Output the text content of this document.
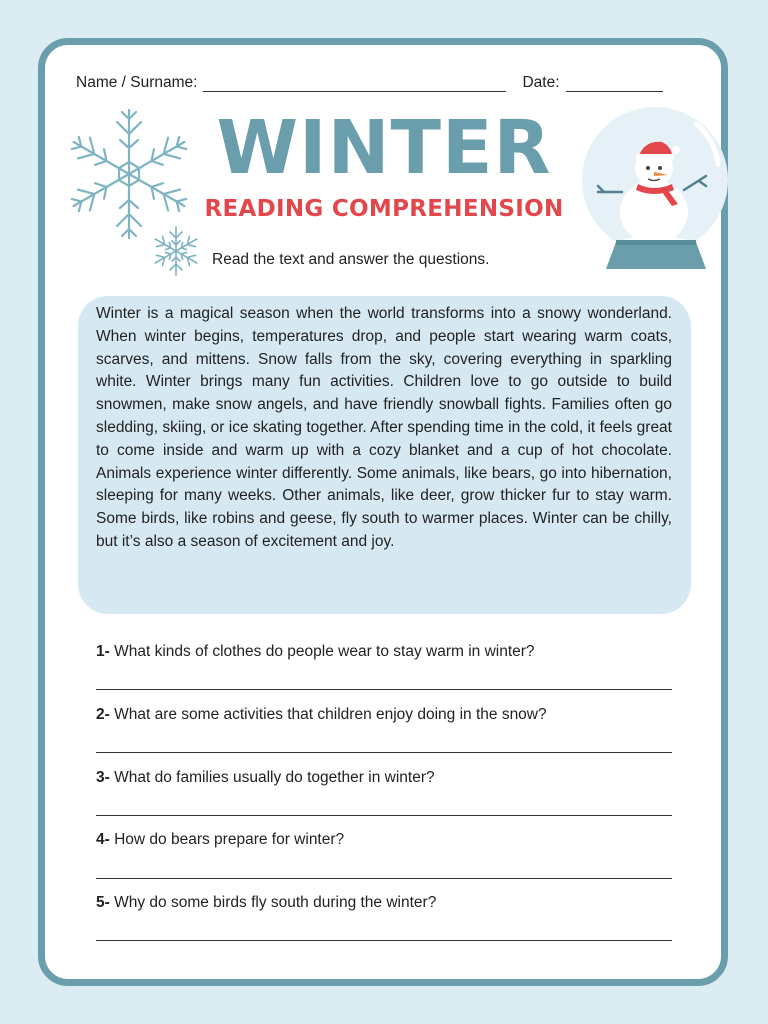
Name / Surname:	Date:
WINTER
READING COMPREHENSION
Read the text and answer the questions.
Winter is a magical season when the world transforms into a snowy wonderland. When winter begins, temperatures drop, and people start wearing warm coats, scarves, and mittens. Snow falls from the sky, covering everything in sparkling white. Winter brings many fun activities. Children love to go outside to build snowmen, make snow angels, and have friendly snowball fights. Families often go sledding, skiing, or ice skating together. After spending time in the cold, it feels great to come inside and warm up with a cozy blanket and a cup of hot chocolate. Animals experience winter differently. Some animals, like bears, go into hibernation, sleeping for many weeks. Other animals, like deer, grow thicker fur to stay warm. Some birds, like robins and geese, fly south to warmer places. Winter can be chilly, but it’s also a season of excitement and joy.
1- What kinds of clothes do people wear to stay warm in winter?
2- What are some activities that children enjoy doing in the snow?
3- What do families usually do together in winter?
4- How do bears prepare for winter?
5- Why do some birds fly south during the winter?
